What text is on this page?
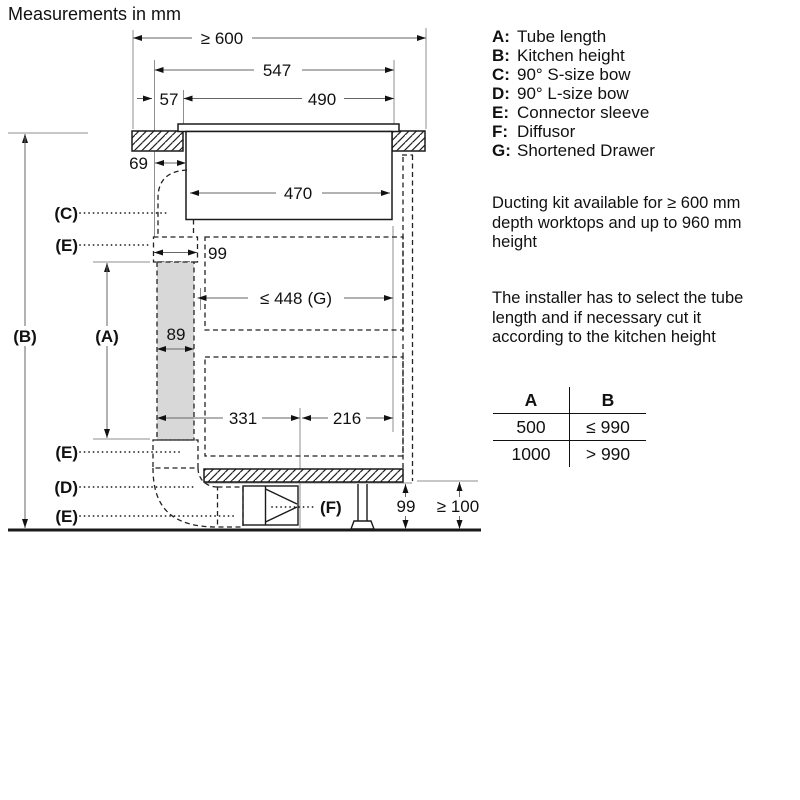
Measurements in mm
≥ 600
547
57	490
69
470
99
≤ 448 (G)
89
331	216
99 ≥ 100
(C)
(E)
(B)	(A)
(E)
(D)
(E)	(F)
A: Tube length
B: Kitchen height
C: 90° S-size bow
D: 90° L-size bow
E: Connector sleeve
F: Diffusor
G: Shortened Drawer
Ducting kit available for ≥ 600 mm
depth worktops and up to 960 mm
height
The installer has to select the tube
length and if necessary cut it
according to the kitchen height
A	B
500	≤ 990
1000	> 990
